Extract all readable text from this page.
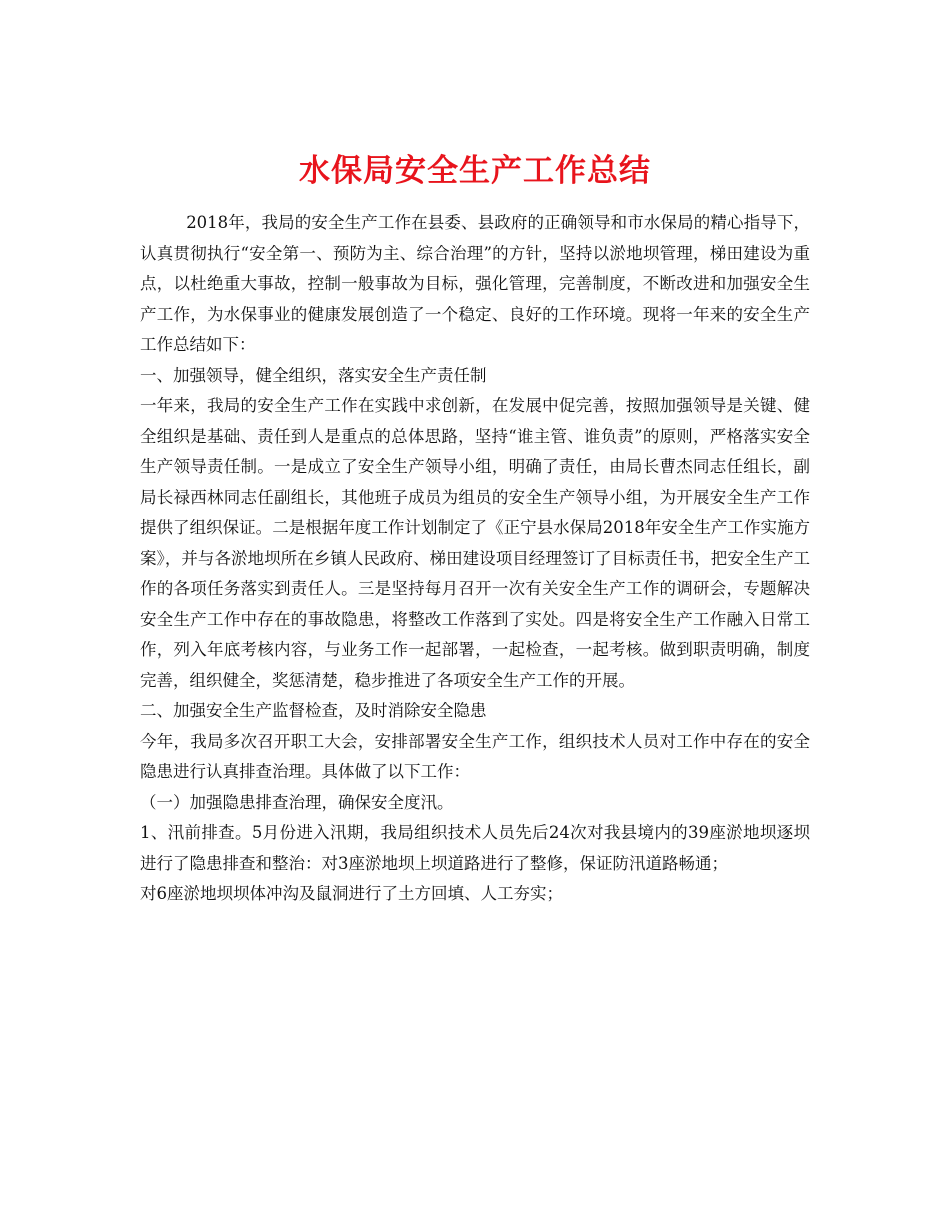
水保局安全生产工作总结

2018年，我局的安全生产工作在县委、县政府的正确领导和市水保局的精心指导下，认真贯彻执行“安全第一、预防为主、综合治理”的方针，坚持以淤地坝管理，梯田建设为重点，以杜绝重大事故，控制一般事故为目标，强化管理，完善制度，不断改进和加强安全生产工作，为水保事业的健康发展创造了一个稳定、良好的工作环境。现将一年来的安全生产工作总结如下：

一、加强领导，健全组织，落实安全生产责任制

一年来，我局的安全生产工作在实践中求创新，在发展中促完善，按照加强领导是关键、健全组织是基础、责任到人是重点的总体思路，坚持“谁主管、谁负责”的原则，严格落实安全生产领导责任制。一是成立了安全生产领导小组，明确了责任，由局长曹杰同志任组长，副局长禄西林同志任副组长，其他班子成员为组员的安全生产领导小组，为开展安全生产工作提供了组织保证。二是根据年度工作计划制定了《正宁县水保局2018年安全生产工作实施方案》，并与各淤地坝所在乡镇人民政府、梯田建设项目经理签订了目标责任书，把安全生产工作的各项任务落实到责任人。三是坚持每月召开一次有关安全生产工作的调研会，专题解决安全生产工作中存在的事故隐患，将整改工作落到了实处。四是将安全生产工作融入日常工作，列入年底考核内容，与业务工作一起部署，一起检查，一起考核。做到职责明确，制度完善，组织健全，奖惩清楚，稳步推进了各项安全生产工作的开展。

二、加强安全生产监督检查，及时消除安全隐患

今年，我局多次召开职工大会，安排部署安全生产工作，组织技术人员对工作中存在的安全隐患进行认真排查治理。具体做了以下工作：

（一）加强隐患排查治理，确保安全度汛。

1、汛前排查。5月份进入汛期，我局组织技术人员先后24次对我县境内的39座淤地坝逐坝进行了隐患排查和整治：对3座淤地坝上坝道路进行了整修，保证防汛道路畅通；

对6座淤地坝坝体冲沟及鼠洞进行了土方回填、人工夯实；
